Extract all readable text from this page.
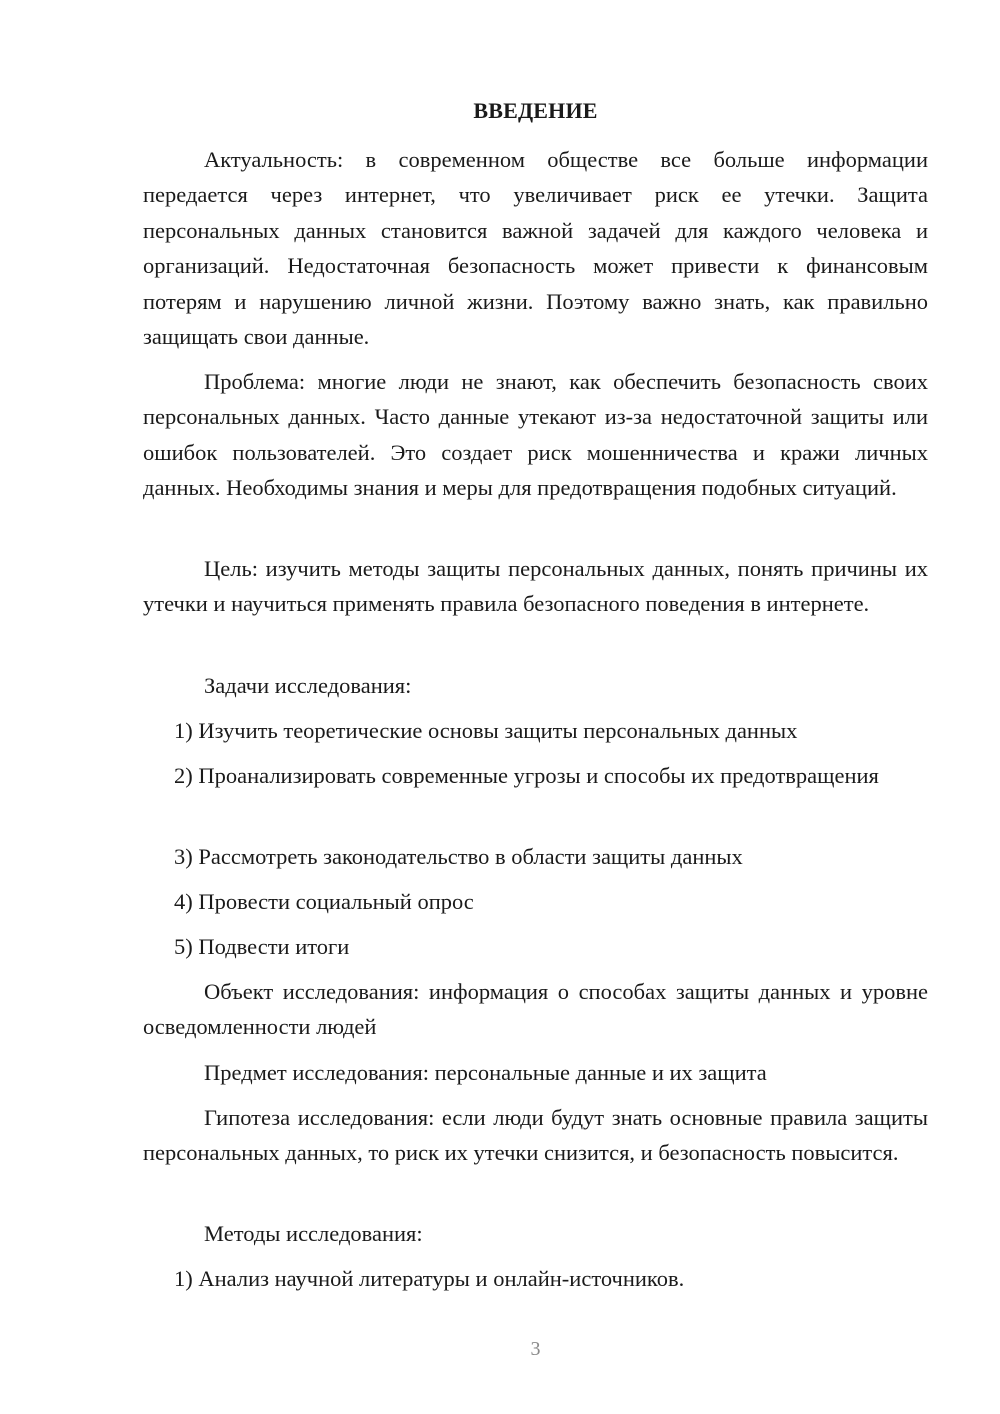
ВВЕДЕНИЕ

Актуальность: в современном обществе все больше информации передается через интернет, что увеличивает риск ее утечки. Защита персональных данных становится важной задачей для каждого человека и организаций. Недостаточная безопасность может привести к финансовым потерям и нарушению личной жизни. Поэтому важно знать, как правильно защищать свои данные.

Проблема: многие люди не знают, как обеспечить безопасность своих персональных данных. Часто данные утекают из-за недостаточной защиты или ошибок пользователей. Это создает риск мошенничества и кражи личных данных. Необходимы знания и меры для предотвращения подобных ситуаций.

Цель: изучить методы защиты персональных данных, понять причины их утечки и научиться применять правила безопасного поведения в интернете.

Задачи исследования:

1) Изучить теоретические основы защиты персональных данных

2) Проанализировать современные угрозы и способы их предотвращения

3) Рассмотреть законодательство в области защиты данных

4) Провести социальный опрос

5) Подвести итоги

Объект исследования: информация о способах защиты данных и уровне осведомленности людей

Предмет исследования: персональные данные и их защита

Гипотеза исследования: если люди будут знать основные правила защиты персональных данных, то риск их утечки снизится, и безопасность повысится.

Методы исследования:

1) Анализ научной литературы и онлайн-источников.

3
